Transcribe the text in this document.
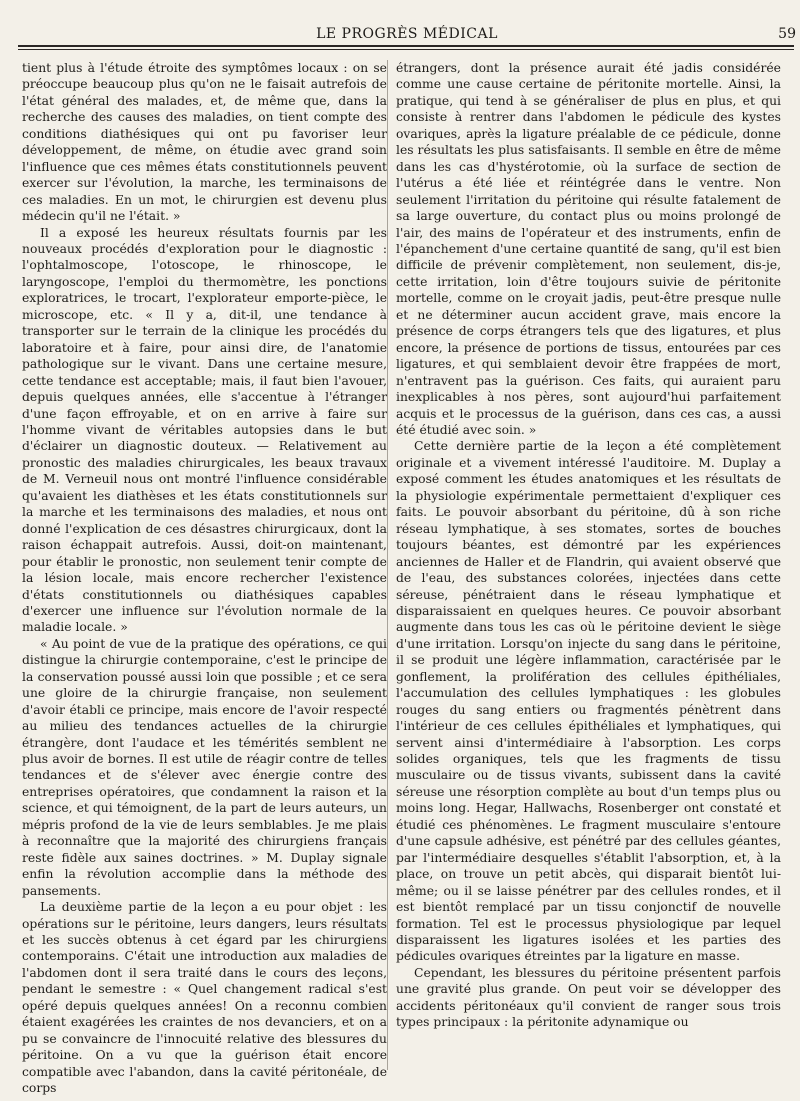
LE PROGRÈS MÉDICAL	59

tient plus à l'étude étroite des symptômes locaux : on se préoccupe beaucoup plus qu'on ne le faisait autrefois de l'état général des malades, et, de même que, dans la recherche des causes des maladies, on tient compte des conditions diathésiques qui ont pu favoriser leur développement, de même, on étudie avec grand soin l'influence que ces mêmes états constitutionnels peuvent exercer sur l'évolution, la marche, les terminaisons de ces maladies. En un mot, le chirurgien est devenu plus médecin qu'il ne l'était. »

Il a exposé les heureux résultats fournis par les nouveaux procédés d'exploration pour le diagnostic : l'ophtalmoscope, l'otoscope, le rhinoscope, le laryngoscope, l'emploi du thermomètre, les ponctions exploratrices, le trocart, l'explorateur emporte-pièce, le microscope, etc. « Il y a, dit-il, une tendance à transporter sur le terrain de la clinique les procédés du laboratoire et à faire, pour ainsi dire, de l'anatomie pathologique sur le vivant. Dans une certaine mesure, cette tendance est acceptable; mais, il faut bien l'avouer, depuis quelques années, elle s'accentue à l'étranger d'une façon effroyable, et on en arrive à faire sur l'homme vivant de véritables autopsies dans le but d'éclairer un diagnostic douteux. — Relativement au pronostic des maladies chirurgicales, les beaux travaux de M. Verneuil nous ont montré l'influence considérable qu'avaient les diathèses et les états constitutionnels sur la marche et les terminaisons des maladies, et nous ont donné l'explication de ces désastres chirurgicaux, dont la raison échappait autrefois. Aussi, doit-on maintenant, pour établir le pronostic, non seulement tenir compte de la lésion locale, mais encore rechercher l'existence d'états constitutionnels ou diathésiques capables d'exercer une influence sur l'évolution normale de la maladie locale. »

« Au point de vue de la pratique des opérations, ce qui distingue la chirurgie contemporaine, c'est le principe de la conservation poussé aussi loin que possible ; et ce sera une gloire de la chirurgie française, non seulement d'avoir établi ce principe, mais encore de l'avoir respecté au milieu des tendances actuelles de la chirurgie étrangère, dont l'audace et les témérités semblent ne plus avoir de bornes. Il est utile de réagir contre de telles tendances et de s'élever avec énergie contre des entreprises opératoires, que condamnent la raison et la science, et qui témoignent, de la part de leurs auteurs, un mépris profond de la vie de leurs semblables. Je me plais à reconnaître que la majorité des chirurgiens français reste fidèle aux saines doctrines. » M. Duplay signale enfin la révolution accomplie dans la méthode des pansements.

La deuxième partie de la leçon a eu pour objet : les opérations sur le péritoine, leurs dangers, leurs résultats et les succès obtenus à cet égard par les chirurgiens contemporains. C'était une introduction aux maladies de l'abdomen dont il sera traité dans le cours des leçons, pendant le semestre : « Quel changement radical s'est opéré depuis quelques années! On a reconnu combien étaient exagérées les craintes de nos devanciers, et on a pu se convaincre de l'innocuité relative des blessures du péritoine. On a vu que la guérison était encore compatible avec l'abandon, dans la cavité péritonéale, de corps

étrangers, dont la présence aurait été jadis considérée comme une cause certaine de péritonite mortelle. Ainsi, la pratique, qui tend à se généraliser de plus en plus, et qui consiste à rentrer dans l'abdomen le pédicule des kystes ovariques, après la ligature préalable de ce pédicule, donne les résultats les plus satisfaisants. Il semble en être de même dans les cas d'hystérotomie, où la surface de section de l'utérus a été liée et réintégrée dans le ventre. Non seulement l'irritation du péritoine qui résulte fatalement de sa large ouverture, du contact plus ou moins prolongé de l'air, des mains de l'opérateur et des instruments, enfin de l'épanchement d'une certaine quantité de sang, qu'il est bien difficile de prévenir complètement, non seulement, dis-je, cette irritation, loin d'être toujours suivie de péritonite mortelle, comme on le croyait jadis, peut-être presque nulle et ne déterminer aucun accident grave, mais encore la présence de corps étrangers tels que des ligatures, et plus encore, la présence de portions de tissus, entourées par ces ligatures, et qui semblaient devoir être frappées de mort, n'entravent pas la guérison. Ces faits, qui auraient paru inexplicables à nos pères, sont aujourd'hui parfaitement acquis et le processus de la guérison, dans ces cas, a aussi été étudié avec soin. »

Cette dernière partie de la leçon a été complètement originale et a vivement intéressé l'auditoire. M. Duplay a exposé comment les études anatomiques et les résultats de la physiologie expérimentale permettaient d'expliquer ces faits. Le pouvoir absorbant du péritoine, dû à son riche réseau lymphatique, à ses stomates, sortes de bouches toujours béantes, est démontré par les expériences anciennes de Haller et de Flandrin, qui avaient observé que de l'eau, des substances colorées, injectées dans cette séreuse, pénétraient dans le réseau lymphatique et disparaissaient en quelques heures. Ce pouvoir absorbant augmente dans tous les cas où le péritoine devient le siège d'une irritation. Lorsqu'on injecte du sang dans le péritoine, il se produit une légère inflammation, caractérisée par le gonflement, la prolifération des cellules épithéliales, l'accumulation des cellules lymphatiques : les globules rouges du sang entiers ou fragmentés pénètrent dans l'intérieur de ces cellules épithéliales et lymphatiques, qui servent ainsi d'intermédiaire à l'absorption. Les corps solides organiques, tels que les fragments de tissu musculaire ou de tissus vivants, subissent dans la cavité séreuse une résorption complète au bout d'un temps plus ou moins long. Hegar, Hallwachs, Rosenberger ont constaté et étudié ces phénomènes. Le fragment musculaire s'entoure d'une capsule adhésive, est pénétré par des cellules géantes, par l'intermédiaire desquelles s'établit l'absorption, et, à la place, on trouve un petit abcès, qui disparait bientôt lui-même; ou il se laisse pénétrer par des cellules rondes, et il est bientôt remplacé par un tissu conjonctif de nouvelle formation. Tel est le processus physiologique par lequel disparaissent les ligatures isolées et les parties des pédicules ovariques étreintes par la ligature en masse.

Cependant, les blessures du péritoine présentent parfois une gravité plus grande. On peut voir se développer des accidents péritonéaux qu'il convient de ranger sous trois types principaux : la péritonite adynamique ou
